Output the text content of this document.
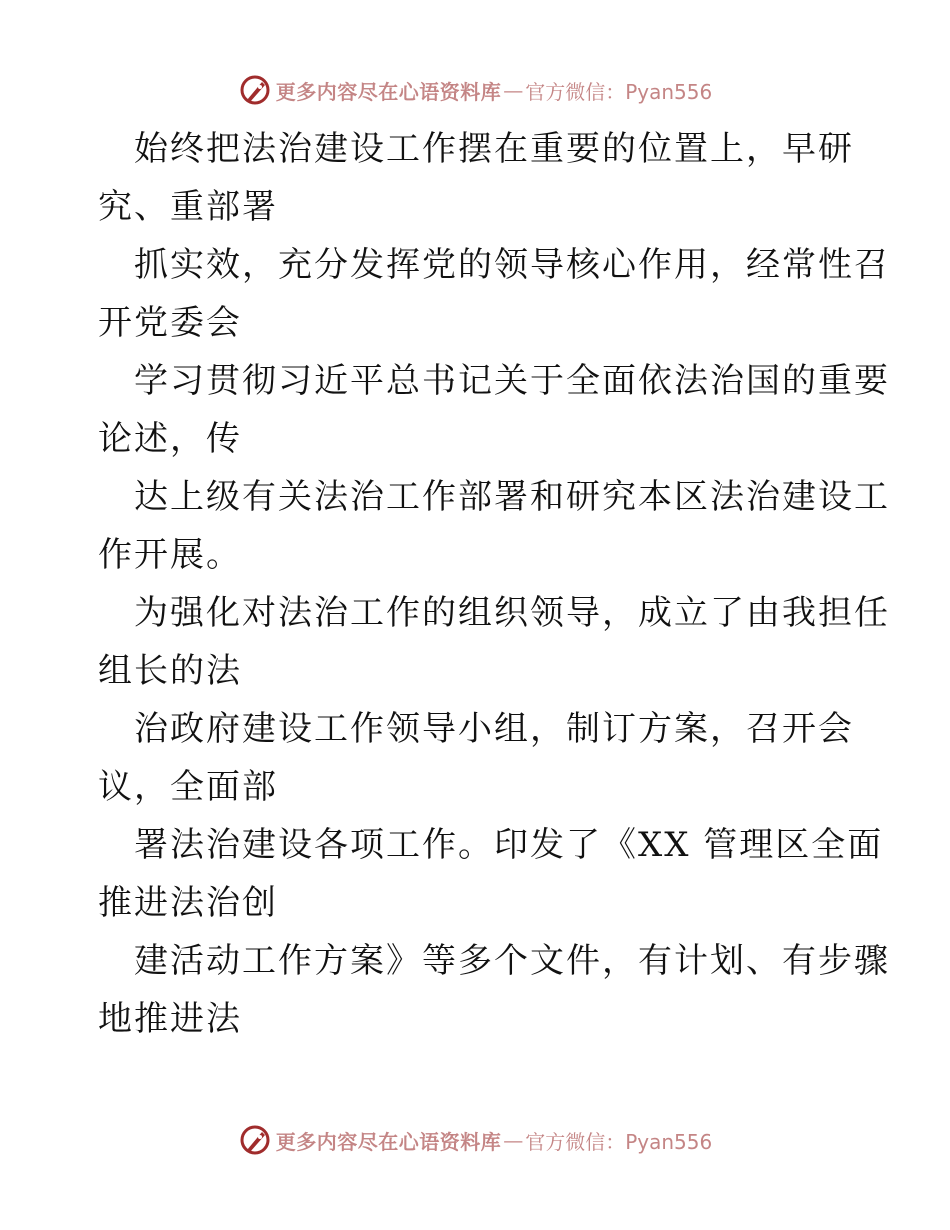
更多内容尽在心语资料库 — 官方微信：Pyan556
始终把法治建设工作摆在重要的位置上，早研
究、重部署
抓实效，充分发挥党的领导核心作用，经常性召
开党委会
学习贯彻习近平总书记关于全面依法治国的重要
论述，传
达上级有关法治工作部署和研究本区法治建设工
作开展。
为强化对法治工作的组织领导，成立了由我担任
组长的法
治政府建设工作领导小组，制订方案，召开会
议，全面部
署法治建设各项工作。印发了《XX 管理区全面
推进法治创
建活动工作方案》等多个文件，有计划、有步骤
地推进法
更多内容尽在心语资料库 — 官方微信：Pyan556
